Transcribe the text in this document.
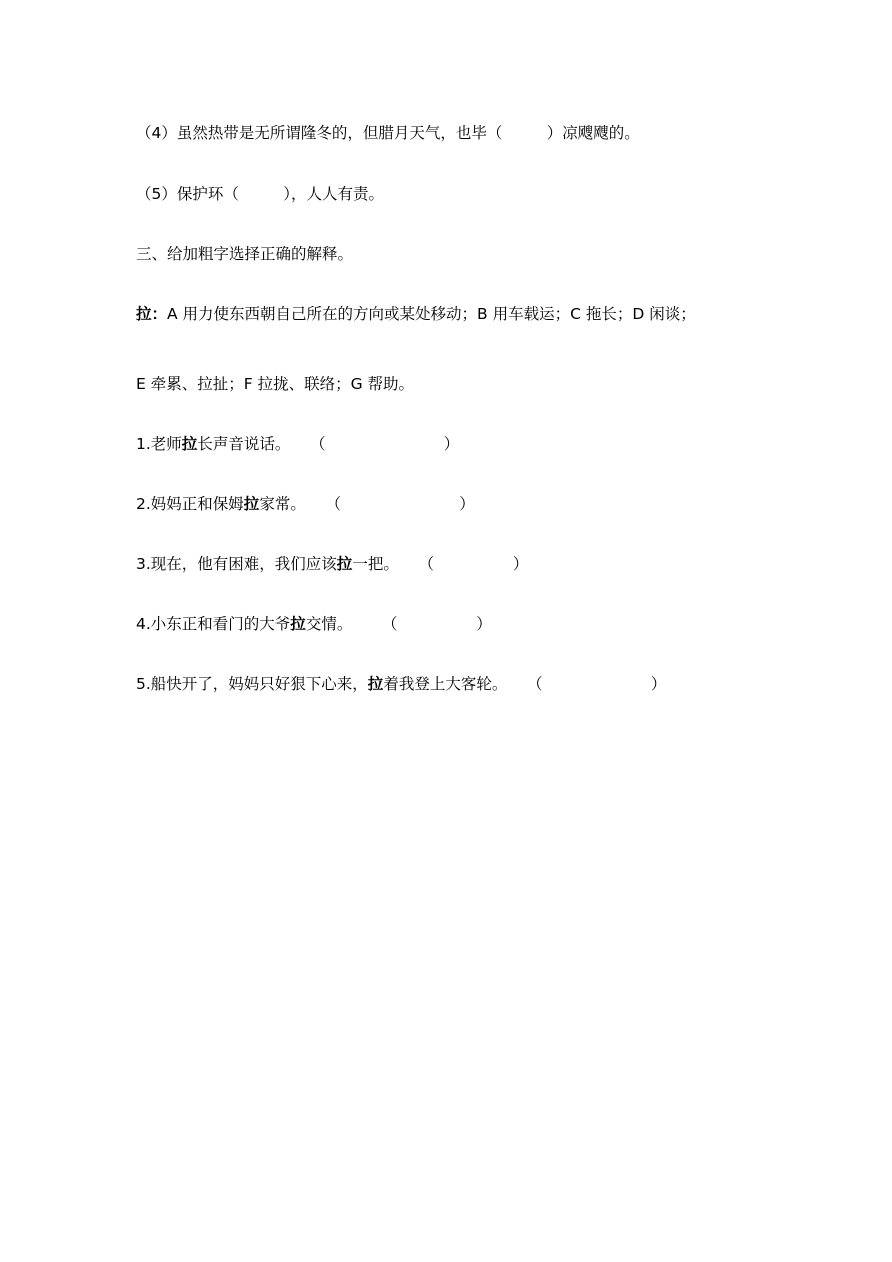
（4）虽然热带是无所谓隆冬的，但腊月天气，也毕（         ）凉飕飕的。
（5）保护环（         ），人人有责。
三、给加粗字选择正确的解释。
拉：A 用力使东西朝自己所在的方向或某处移动；B 用车载运；C 拖长；D 闲谈；
E 牵累、拉扯；F 拉拢、联络；G 帮助。
1.老师拉长声音说话。    （                        ）
2.妈妈正和保姆拉家常。    （                        ）
3.现在，他有困难，我们应该拉一把。    （                ）
4.小东正和看门的大爷拉交情。      （                ）
5.船快开了，妈妈只好狠下心来，拉着我登上大客轮。    （                      ）
